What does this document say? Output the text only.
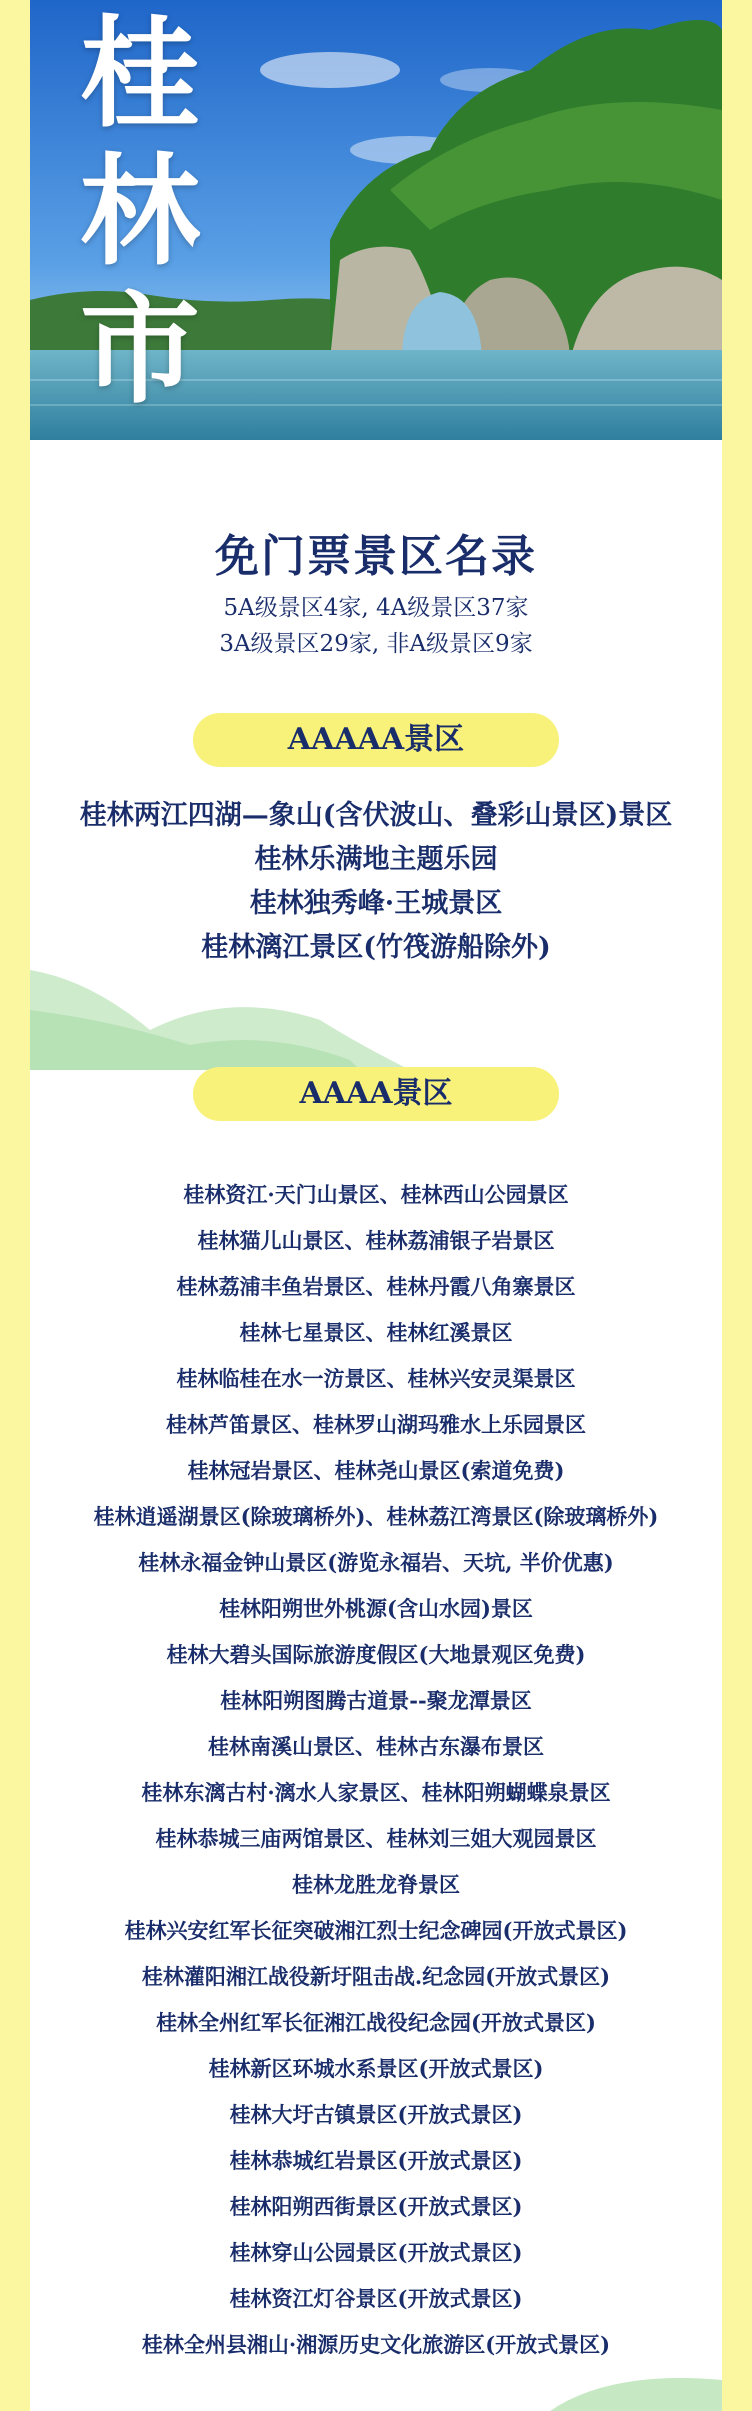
桂
林
市
免门票景区名录
5A级景区4家, 4A级景区37家
3A级景区29家, 非A级景区9家
AAAAA景区
桂林两江四湖—象山(含伏波山、叠彩山景区)景区
桂林乐满地主题乐园
桂林独秀峰·王城景区
桂林漓江景区(竹筏游船除外)
AAAA景区
桂林资江·天门山景区、桂林西山公园景区
桂林猫儿山景区、桂林荔浦银子岩景区
桂林荔浦丰鱼岩景区、桂林丹霞八角寨景区
桂林七星景区、桂林红溪景区
桂林临桂在水一汸景区、桂林兴安灵渠景区
桂林芦笛景区、桂林罗山湖玛雅水上乐园景区
桂林冠岩景区、桂林尧山景区(索道免费)
桂林逍遥湖景区(除玻璃桥外)、桂林荔江湾景区(除玻璃桥外)
桂林永福金钟山景区(游览永福岩、天坑, 半价优惠)
桂林阳朔世外桃源(含山水园)景区
桂林大碧头国际旅游度假区(大地景观区免费)
桂林阳朔图腾古道景--聚龙潭景区
桂林南溪山景区、桂林古东瀑布景区
桂林东漓古村·漓水人家景区、桂林阳朔蝴蝶泉景区
桂林恭城三庙两馆景区、桂林刘三姐大观园景区
桂林龙胜龙脊景区
桂林兴安红军长征突破湘江烈士纪念碑园(开放式景区)
桂林灌阳湘江战役新圩阻击战.纪念园(开放式景区)
桂林全州红军长征湘江战役纪念园(开放式景区)
桂林新区环城水系景区(开放式景区)
桂林大圩古镇景区(开放式景区)
桂林恭城红岩景区(开放式景区)
桂林阳朔西街景区(开放式景区)
桂林穿山公园景区(开放式景区)
桂林资江灯谷景区(开放式景区)
桂林全州县湘山·湘源历史文化旅游区(开放式景区)
